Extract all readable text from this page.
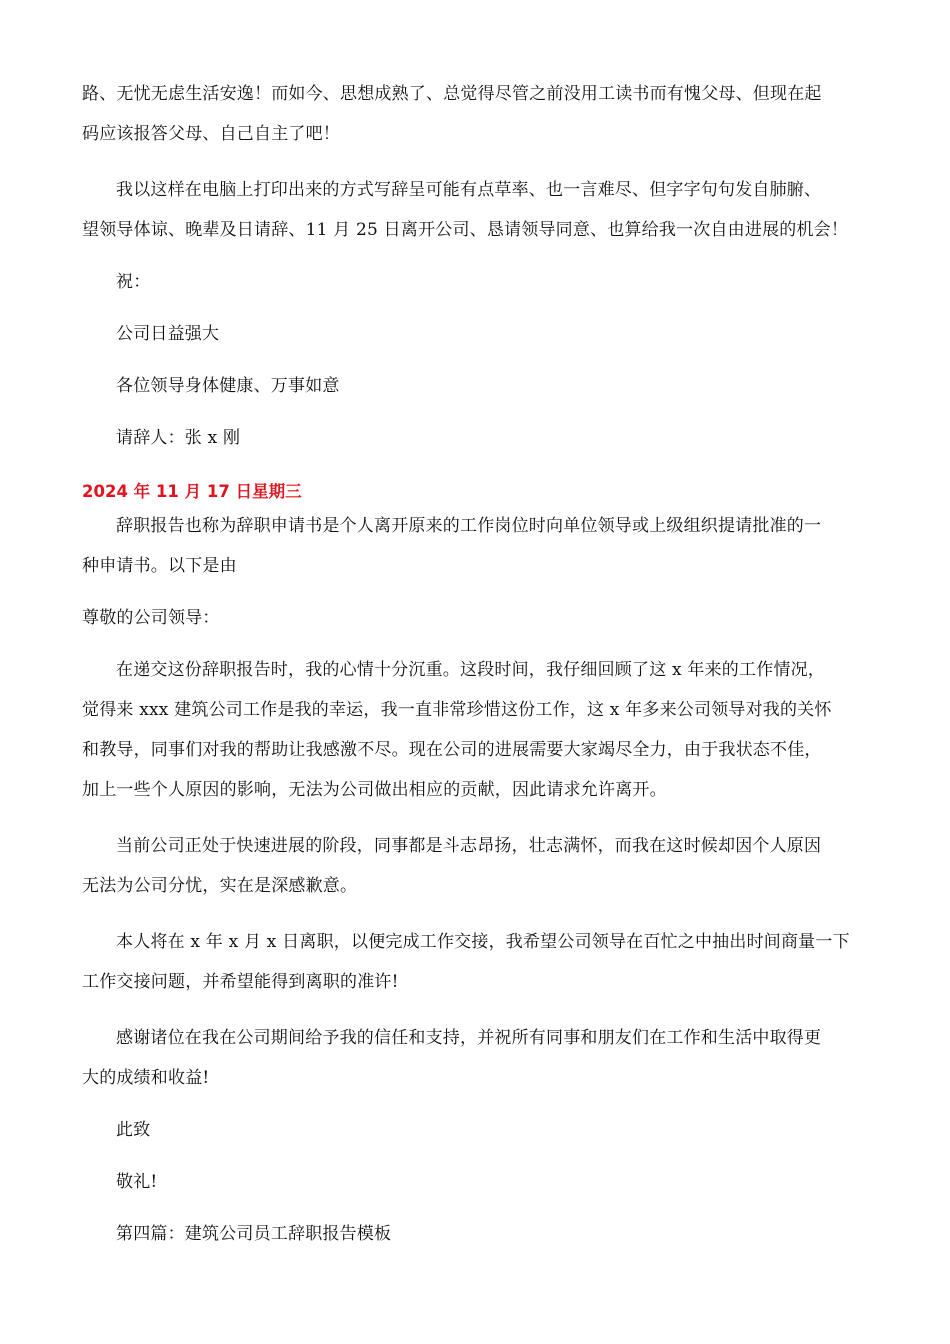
路、无忧无虑生活安逸！而如今、思想成熟了、总觉得尽管之前没用工读书而有愧父母、但现在起
码应该报答父母、自己自主了吧！
我以这样在电脑上打印出来的方式写辞呈可能有点草率、也一言难尽、但字字句句发自肺腑、
望领导体谅、晚辈及日请辞、11 月 25 日离开公司、恳请领导同意、也算给我一次自由进展的机会！
祝：
公司日益强大
各位领导身体健康、万事如意
请辞人：张 x 刚
2024 年 11 月 17 日星期三
辞职报告也称为辞职申请书是个人离开原来的工作岗位时向单位领导或上级组织提请批准的一
种申请书。以下是由
尊敬的公司领导：
在递交这份辞职报告时，我的心情十分沉重。这段时间，我仔细回顾了这 x 年来的工作情况，
觉得来 xxx 建筑公司工作是我的幸运，我一直非常珍惜这份工作，这 x 年多来公司领导对我的关怀
和教导，同事们对我的帮助让我感激不尽。现在公司的进展需要大家竭尽全力，由于我状态不佳，
加上一些个人原因的影响，无法为公司做出相应的贡献，因此请求允许离开。
当前公司正处于快速进展的阶段，同事都是斗志昂扬，壮志满怀，而我在这时候却因个人原因
无法为公司分忧，实在是深感歉意。
本人将在 x 年 x 月 x 日离职，以便完成工作交接，我希望公司领导在百忙之中抽出时间商量一下
工作交接问题，并希望能得到离职的准许!
感谢诸位在我在公司期间给予我的信任和支持，并祝所有同事和朋友们在工作和生活中取得更
大的成绩和收益!
此致
敬礼!
第四篇：建筑公司员工辞职报告模板
